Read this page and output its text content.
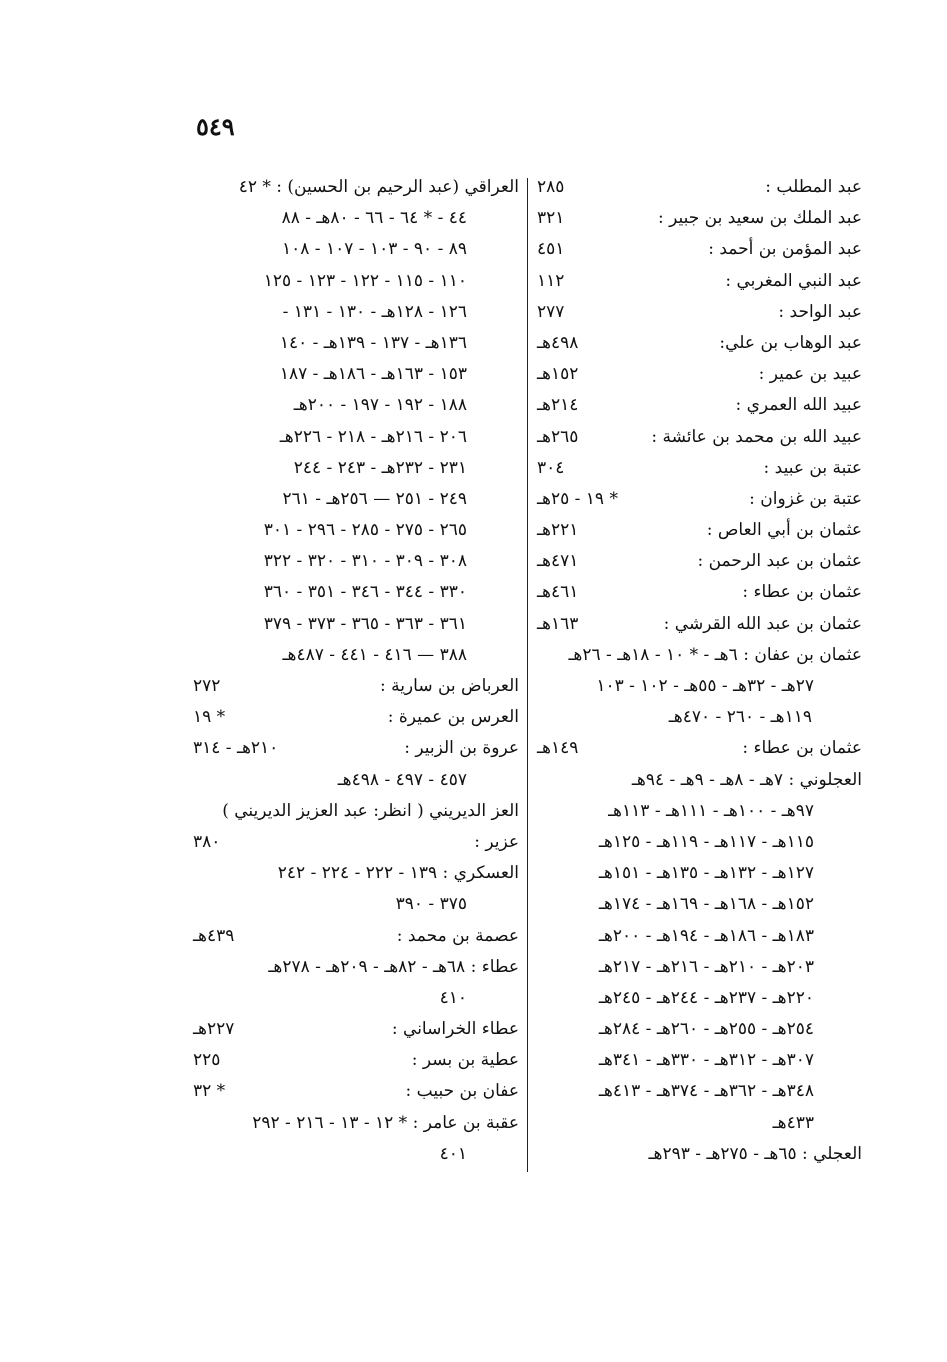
٥٤٩
عبد المطلب :
٢٨٥
عبد الملك بن سعيد بن جبير :
٣٢١
عبد المؤمن بن أحمد :
٤٥١
عبد النبي المغربي :
١١٢
عبد الواحد :
٢٧٧
عبد الوهاب بن علي:
٤٩٨هـ
عبيد بن عمير :
١٥٢هـ
عبيد الله العمري :
٢١٤هـ
عبيد الله بن محمد بن عائشة :
٢٦٥هـ
عتبة بن عبيد :
٣٠٤
عتبة بن غزوان :
* ١٩ - ٢٥هـ
عثمان بن أبي العاص :
٢٢١هـ
عثمان بن عبد الرحمن :
٤٧١هـ
عثمان بن عطاء :
٤٦١هـ
عثمان بن عبد الله القرشي :
١٦٣هـ
عثمان بن عفان : ٦هـ - * ١٠ - ١٨هـ - ٢٦هـ
٢٧هـ - ٣٢هـ - ٥٥هـ - ١٠٢ - ١٠٣
١١٩هـ - ٢٦٠ - ٤٧٠هـ
عثمان بن عطاء :
١٤٩هـ
العجلوني : ٧هـ - ٨هـ - ٩هـ - ٩٤هـ
٩٧هـ - ١٠٠هـ - ١١١هـ - ١١٣هـ
١١٥هـ - ١١٧هـ - ١١٩هـ - ١٢٥هـ
١٢٧هـ - ١٣٢هـ - ١٣٥هـ - ١٥١هـ
١٥٢هـ - ١٦٨هـ - ١٦٩هـ - ١٧٤هـ
١٨٣هـ - ١٨٦هـ - ١٩٤هـ - ٢٠٠هـ
٢٠٣هـ - ٢١٠هـ - ٢١٦هـ - ٢١٧هـ
٢٢٠هـ - ٢٣٧هـ - ٢٤٤هـ - ٢٤٥هـ
٢٥٤هـ - ٢٥٥هـ - ٢٦٠هـ - ٢٨٤هـ
٣٠٧هـ - ٣١٢هـ - ٣٣٠هـ - ٣٤١هـ
٣٤٨هـ - ٣٦٢هـ - ٣٧٤هـ - ٤١٣هـ
٤٣٣هـ
العجلي : ٦٥هـ - ٢٧٥هـ - ٢٩٣هـ
العراقي (عبد الرحيم بن الحسين) : * ٤٢
٤٤ - * ٦٤ - ٦٦ - ٨٠هـ - ٨٨
٨٩ - ٩٠ - ١٠٣ - ١٠٧ - ١٠٨
١١٠ - ١١٥ - ١٢٢ - ١٢٣ - ١٢٥
١٢٦ - ١٢٨هـ - ١٣٠ - ١٣١ -
١٣٦هـ - ١٣٧ - ١٣٩هـ - ١٤٠
١٥٣ - ١٦٣هـ - ١٨٦هـ - ١٨٧
١٨٨ - ١٩٢ - ١٩٧ - ٢٠٠هـ
٢٠٦ - ٢١٦هـ - ٢١٨ - ٢٢٦هـ
٢٣١ - ٢٣٢هـ - ٢٤٣ - ٢٤٤
٢٤٩ - ٢٥١ — ٢٥٦هـ - ٢٦١
٢٦٥ - ٢٧٥ - ٢٨٥ - ٢٩٦ - ٣٠١
٣٠٨ - ٣٠٩ - ٣١٠ - ٣٢٠ - ٣٢٢
٣٣٠ - ٣٤٤ - ٣٤٦ - ٣٥١ - ٣٦٠
٣٦١ - ٣٦٣ - ٣٦٥ - ٣٧٣ - ٣٧٩
٣٨٨ — ٤١٦ - ٤٤١ - ٤٨٧هـ
العرباض بن سارية :
٢٧٢
العرس بن عميرة :
* ١٩
عروة بن الزبير :
٢١٠هـ - ٣١٤
٤٥٧ - ٤٩٧ - ٤٩٨هـ
العز الديريني ( انظر: عبد العزيز الديريني )
عزير :
٣٨٠
العسكري : ١٣٩ - ٢٢٢ - ٢٢٤ - ٢٤٢
٣٧٥ - ٣٩٠
عصمة بن محمد :
٤٣٩هـ
عطاء : ٦٨هـ - ٨٢هـ - ٢٠٩هـ - ٢٧٨هـ
٤١٠
عطاء الخراساني :
٢٢٧هـ
عطية بن بسر :
٢٢٥
عفان بن حبيب :
* ٣٢
عقبة بن عامر : * ١٢ - ١٣ - ٢١٦ - ٢٩٢
٤٠١
